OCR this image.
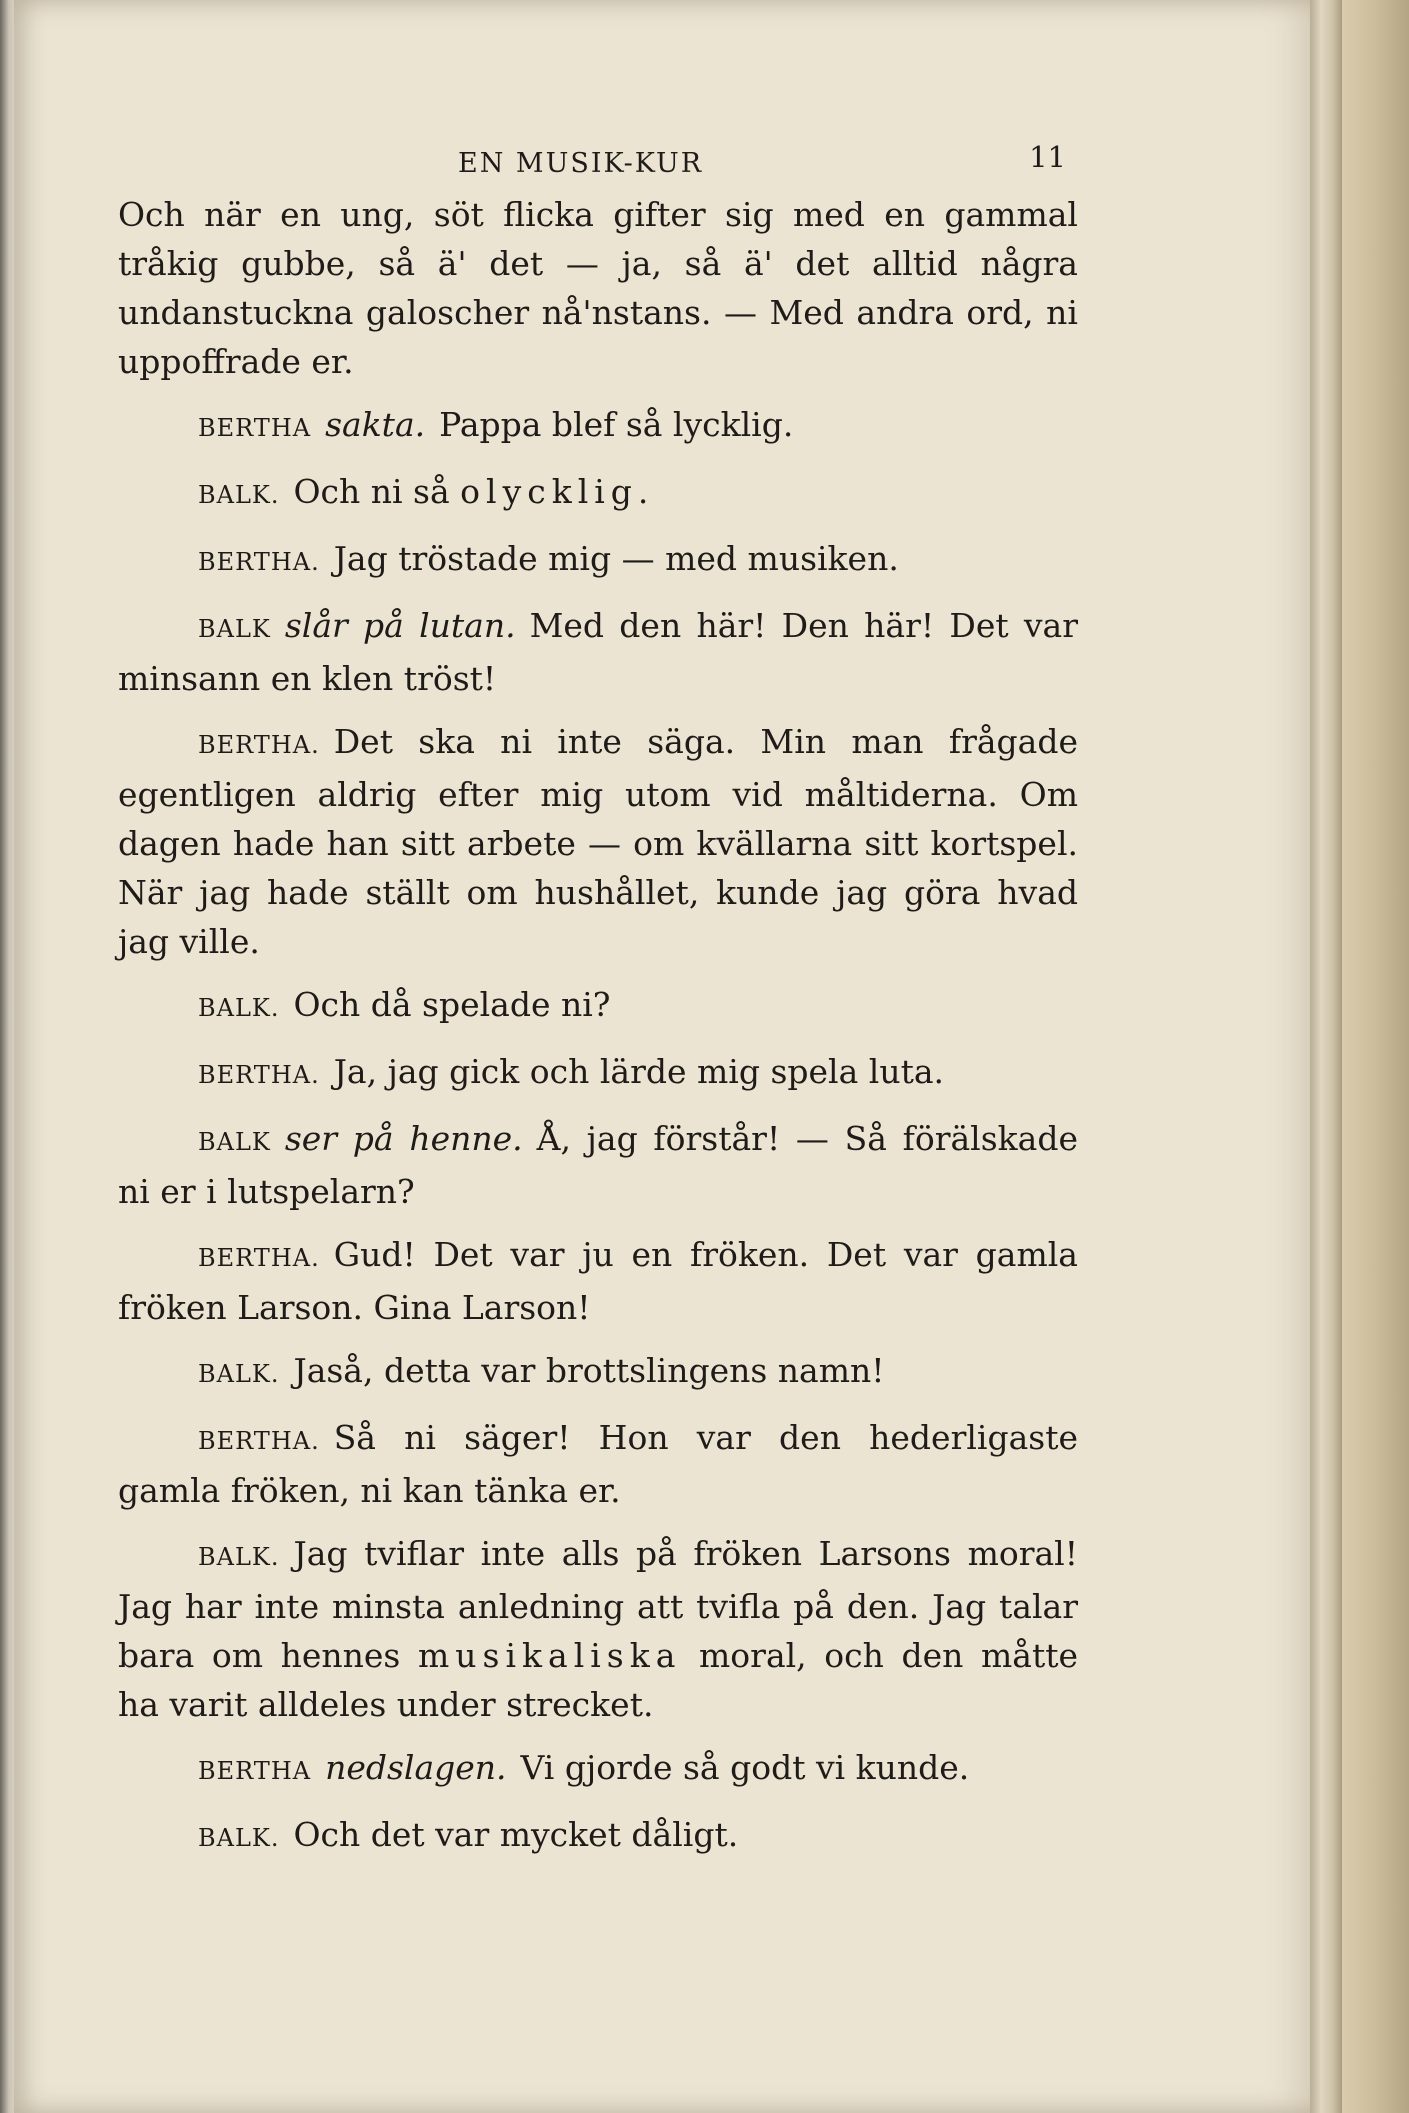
EN MUSIK-KUR	11

Och när en ung, söt flicka gifter sig med en gammal tråkig gubbe, så ä' det — ja, så ä' det alltid några undanstuckna galoscher nå'nstans. — Med andra ord, ni uppoffrade er.

BERTHA sakta. Pappa blef så lycklig.

BALK. Och ni så olycklig.

BERTHA. Jag tröstade mig — med musiken.

BALK slår på lutan. Med den här! Den här! Det var minsann en klen tröst!

BERTHA. Det ska ni inte säga. Min man frågade egentligen aldrig efter mig utom vid måltiderna. Om dagen hade han sitt arbete — om kvällarna sitt kortspel. När jag hade ställt om hushållet, kunde jag göra hvad jag ville.

BALK. Och då spelade ni?

BERTHA. Ja, jag gick och lärde mig spela luta.

BALK ser på henne. Å, jag förstår! — Så förälskade ni er i lutspelarn?

BERTHA. Gud! Det var ju en fröken. Det var gamla fröken Larson. Gina Larson!

BALK. Jaså, detta var brottslingens namn!

BERTHA. Så ni säger! Hon var den hederligaste gamla fröken, ni kan tänka er.

BALK. Jag tviflar inte alls på fröken Larsons moral! Jag har inte minsta anledning att tvifla på den. Jag talar bara om hennes musikaliska moral, och den måtte ha varit alldeles under strecket.

BERTHA nedslagen. Vi gjorde så godt vi kunde.

BALK. Och det var mycket dåligt.
